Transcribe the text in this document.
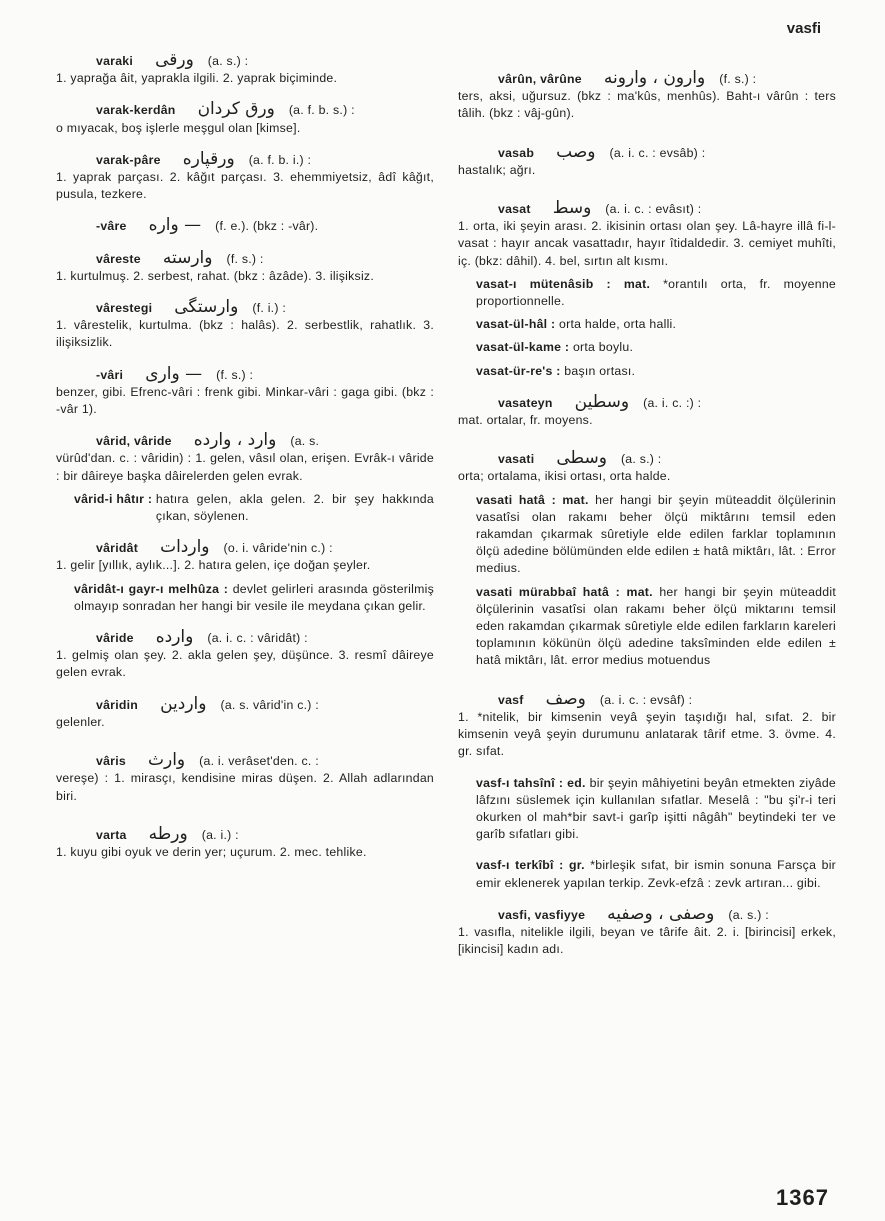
vasfi
varaki ورقى (a. s.) :
1. yaprağa âit, yaprakla ilgili. 2. yaprak biçiminde.
varak-kerdân ورق كردان (a. f. b. s.) :
o mıyacak, boş işlerle meşgul olan [kimse].
varak-pâre ورقپاره (a. f. b. i.) :
1. yaprak parçası. 2. kâğıt parçası. 3. ehemmiyetsiz, âdî kâğıt, pusula, tezkere.
-vâre — واره (f. e.). (bkz : -vâr).
vâreste وارسته (f. s.) :
1. kurtulmuş. 2. serbest, rahat. (bkz : âzâde). 3. ilişiksiz.
vârestegi وارستگى (f. i.) :
1. vârestelik, kurtulma. (bkz : halâs). 2. serbestlik, rahatlık. 3. ilişiksizlik.
-vâri — وارى (f. s.) :
benzer, gibi. Efrenc-vâri : frenk gibi. Minkar-vâri : gaga gibi. (bkz : -vâr 1).
vârid, vâride وارد ، وارده (a. s.
vürûd'dan. c. : vâridin) : 1. gelen, vâsıl olan, erişen. Evrâk-ı vâride : bir dâireye başka dâirelerden gelen evrak.
vârid-i hâtır :
hatıra gelen, akla gelen. 2. bir şey hakkında çıkan, söylenen.
vâridât واردات (o. i. vâride'nin c.) :
1. gelir [yıllık, aylık...]. 2. hatıra gelen, içe doğan şeyler.
vâridât-ı gayr-ı melhûza : devlet gelirleri arasında gösterilmiş olmayıp sonradan her hangi bir vesile ile meydana çıkan gelir.
vâride وارده (a. i. c. : vâridât) :
1. gelmiş olan şey. 2. akla gelen şey, düşünce. 3. resmî dâireye gelen evrak.
vâridin واردين (a. s. vârid'in c.) :
gelenler.
vâris وارث (a. i. verâset'den. c. :
vereşe) : 1. mirasçı, kendisine miras düşen. 2. Allah adlarından biri.
varta ورطه (a. i.) :
1. kuyu gibi oyuk ve derin yer; uçurum. 2. mec. tehlike.
vârûn, vârûne وارون ، وارونه (f. s.) :
ters, aksi, uğursuz. (bkz : ma'kûs, menhûs). Baht-ı vârûn : ters tâlih. (bkz : vâj-gûn).
vasab وصب (a. i. c. : evsâb) :
hastalık; ağrı.
vasat وسط (a. i. c. : evâsıt) :
1. orta, iki şeyin arası. 2. ikisinin ortası olan şey. Lâ-hayre illâ fi-l-vasat : hayır ancak vasattadır, hayır îtidaldedir. 3. cemiyet muhîti, iç. (bkz: dâhil). 4. bel, sırtın alt kısmı.
vasat-ı mütenâsib : mat. *orantılı orta, fr. moyenne proportionnelle.
vasat-ül-hâl : orta halde, orta halli.
vasat-ül-kame : orta boylu.
vasat-ür-re's : başın ortası.
vasateyn وسطين (a. i. c. :) :
mat. ortalar, fr. moyens.
vasati وسطى (a. s.) :
orta; ortalama, ikisi ortası, orta halde.
vasati hatâ : mat. her hangi bir şeyin müteaddit ölçülerinin vasatîsi olan rakamı beher ölçü miktârını temsil eden rakamdan çıkarmak sûretiyle elde edilen farklar toplamının ölçü adedine bölümünden elde edilen ± hatâ miktârı, lât. : Error medius.
vasati mürabbaî hatâ : mat. her hangi bir şeyin müteaddit ölçülerinin vasatîsi olan rakamı beher ölçü miktarını temsil eden rakamdan çıkarmak sûretiyle elde edilen farkların kareleri toplamının kökünün ölçü adedine taksîminden elde edilen ± hatâ miktârı, lât. error medius motuendus
vasf وصف (a. i. c. : evsâf) :
1. *nitelik, bir kimsenin veyâ şeyin taşıdığı hal, sıfat. 2. bir kimsenin veyâ şeyin durumunu anlatarak târif etme. 3. övme. 4. gr. sıfat.
vasf-ı tahsînî : ed. bir şeyin mâhiyetini beyân etmekten ziyâde lâfzını süslemek için kullanılan sıfatlar. Meselâ : "bu şi'r-i teri okurken ol mah*bir savt-i garîp işitti nâgâh" beytindeki ter ve garîb sıfatları gibi.
vasf-ı terkîbî : gr. *birleşik sıfat, bir ismin sonuna Farsça bir emir eklenerek yapılan terkip. Zevk-efzâ : zevk artıran... gibi.
vasfi, vasfiyye وصفى ، وصفيه (a. s.) :
1. vasıfla, nitelikle ilgili, beyan ve târife âit. 2. i. [birincisi] erkek, [ikincisi] kadın adı.
1367
